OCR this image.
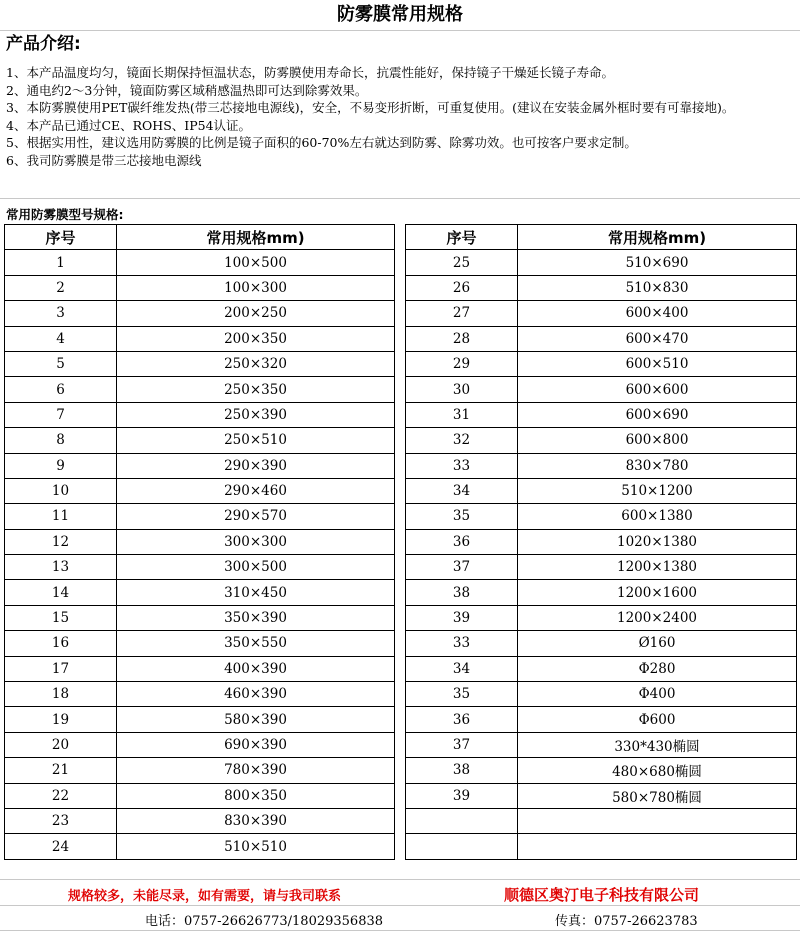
防雾膜常用规格
产品介绍:
1、本产品温度均匀，镜面长期保持恒温状态，防雾膜使用寿命长，抗震性能好，保持镜子干燥延长镜子寿命。
2、通电约2～3分钟，镜面防雾区域稍感温热即可达到除雾效果。
3、本防雾膜使用PET碳纤维发热(带三芯接地电源线)，安全，不易变形折断，可重复使用。(建议在安装金属外框时要有可靠接地)。
4、本产品已通过CE、ROHS、IP54认证。
5、根据实用性，建议选用防雾膜的比例是镜子面积的60-70%左右就达到防雾、除雾功效。也可按客户要求定制。
6、我司防雾膜是带三芯接地电源线
常用防雾膜型号规格:
序号	常用规格mm)
1	100×500
2	100×300
3	200×250
4	200×350
5	250×320
6	250×350
7	250×390
8	250×510
9	290×390
10	290×460
11	290×570
12	300×300
13	300×500
14	310×450
15	350×390
16	350×550
17	400×390
18	460×390
19	580×390
20	690×390
21	780×390
22	800×350
23	830×390
24	510×510
序号	常用规格mm)
25	510×690
26	510×830
27	600×400
28	600×470
29	600×510
30	600×600
31	600×690
32	600×800
33	830×780
34	510×1200
35	600×1380
36	1020×1380
37	1200×1380
38	1200×1600
39	1200×2400
33	Ø160
34	Φ280
35	Φ400
36	Φ600
37	330*430椭圆
38	480×680椭圆
39	580×780椭圆

规格较多，未能尽录，如有需要，请与我司联系	顺德区奥汀电子科技有限公司
电话：0757-26626773/18029356838	传真：0757-26623783
